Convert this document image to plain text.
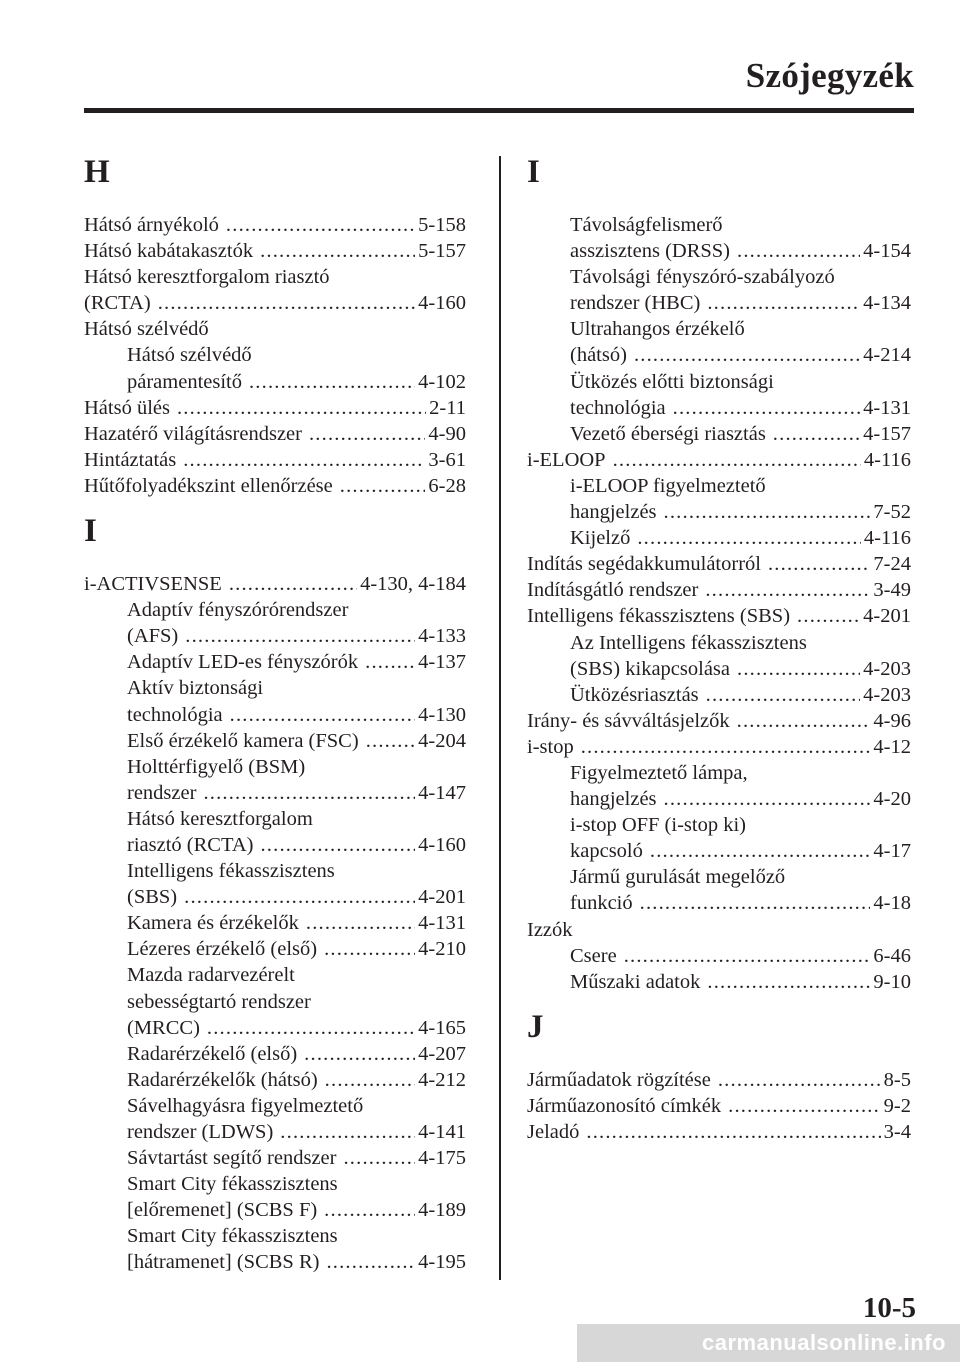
Szójegyzék
H
Hátsó árnyékoló .....	5-158
Hátsó kabátakasztók .....	5-157
Hátsó keresztforgalom riasztó
(RCTA) .....	4-160
Hátsó szélvédő
Hátsó szélvédő
páramentesítő .....	4-102
Hátsó ülés .....	2-11
Hazatérő világításrendszer .....	4-90
Hintáztatás .....	3-61
Hűtőfolyadékszint ellenőrzése .....	6-28
I
i-ACTIVSENSE .....	4-130, 4-184
Adaptív fényszórórendszer
(AFS) .....	4-133
Adaptív LED-es fényszórók .....	4-137
Aktív biztonsági
technológia .....	4-130
Első érzékelő kamera (FSC) .....	4-204
Holttérfigyelő (BSM)
rendszer .....	4-147
Hátsó keresztforgalom
riasztó (RCTA) .....	4-160
Intelligens fékasszisztens
(SBS) .....	4-201
Kamera és érzékelők .....	4-131
Lézeres érzékelő (első) .....	4-210
Mazda radarvezérelt
sebességtartó rendszer
(MRCC) .....	4-165
Radarérzékelő (első) .....	4-207
Radarérzékelők (hátsó) .....	4-212
Sávelhagyásra figyelmeztető
rendszer (LDWS) .....	4-141
Sávtartást segítő rendszer .....	4-175
Smart City fékasszisztens
[előremenet] (SCBS F) .....	4-189
Smart City fékasszisztens
[hátramenet] (SCBS R) .....	4-195
I
Távolságfelismerő
asszisztens (DRSS) .....	4-154
Távolsági fényszóró-szabályozó
rendszer (HBC) .....	4-134
Ultrahangos érzékelő
(hátsó) .....	4-214
Ütközés előtti biztonsági
technológia .....	4-131
Vezető éberségi riasztás .....	4-157
i-ELOOP .....	4-116
i-ELOOP figyelmeztető
hangjelzés .....	7-52
Kijelző .....	4-116
Indítás segédakkumulátorról .....	7-24
Indításgátló rendszer .....	3-49
Intelligens fékasszisztens (SBS) .....	4-201
Az Intelligens fékasszisztens
(SBS) kikapcsolása .....	4-203
Ütközésriasztás .....	4-203
Irány- és sávváltásjelzők .....	4-96
i-stop .....	4-12
Figyelmeztető lámpa,
hangjelzés .....	4-20
i-stop OFF (i-stop ki)
kapcsoló .....	4-17
Jármű gurulását megelőző
funkció .....	4-18
Izzók
Csere .....	6-46
Műszaki adatok .....	9-10
J
Járműadatok rögzítése .....	8-5
Járműazonosító címkék .....	9-2
Jeladó .....	3-4
10-5
carmanualsonline.info
